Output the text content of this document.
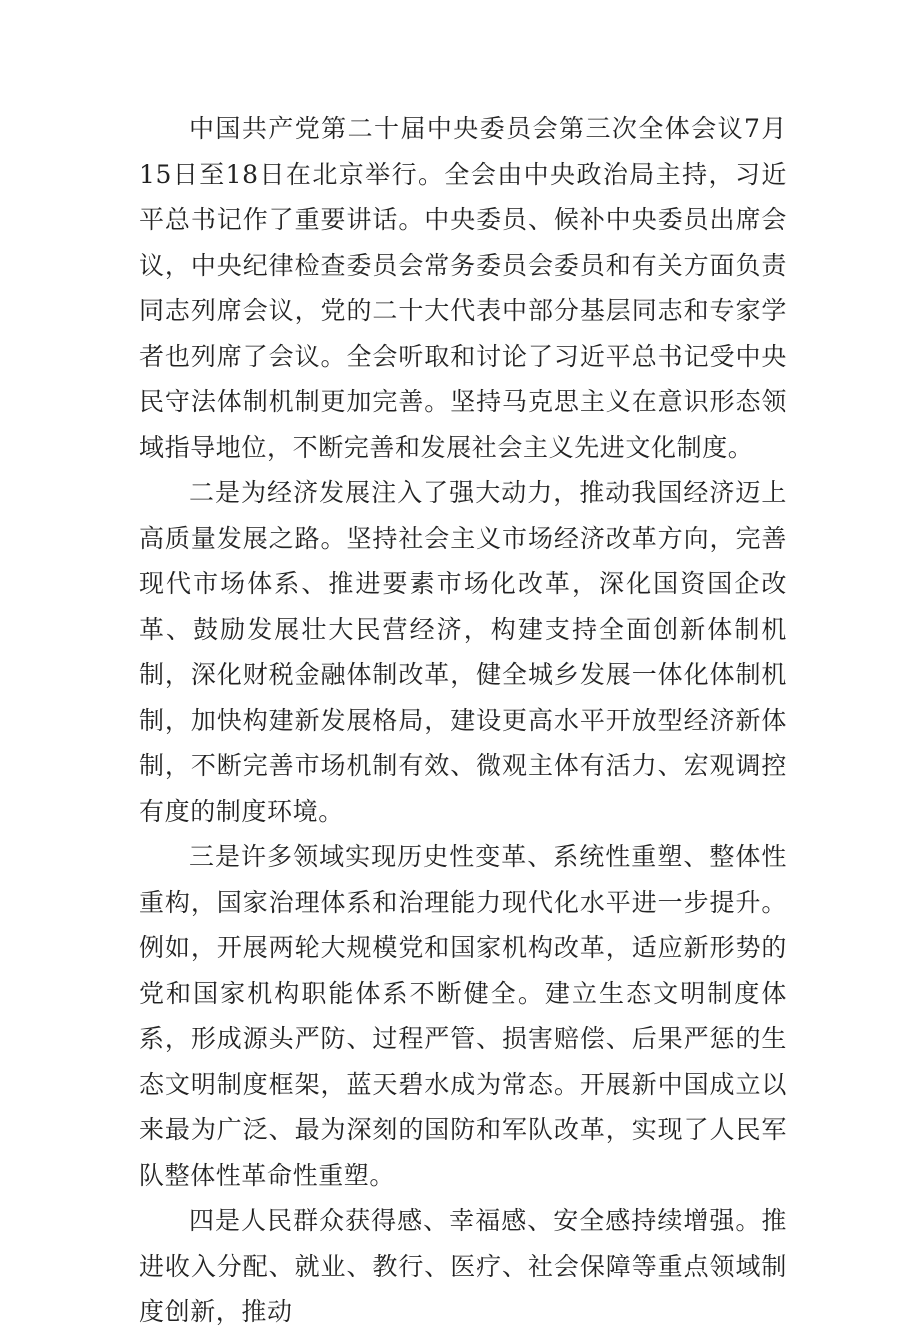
中国共产党第二十届中央委员会第三次全体会议7月15日至18日在北京举行。全会由中央政治局主持，习近平总书记作了重要讲话。中央委员、候补中央委员出席会议，中央纪律检查委员会常务委员会委员和有关方面负责同志列席会议，党的二十大代表中部分基层同志和专家学者也列席了会议。全会听取和讨论了习近平总书记受中央民守法体制机制更加完善。坚持马克思主义在意识形态领域指导地位，不断完善和发展社会主义先进文化制度。

二是为经济发展注入了强大动力，推动我国经济迈上高质量发展之路。坚持社会主义市场经济改革方向，完善现代市场体系、推进要素市场化改革，深化国资国企改革、鼓励发展壮大民营经济，构建支持全面创新体制机制，深化财税金融体制改革，健全城乡发展一体化体制机制，加快构建新发展格局，建设更高水平开放型经济新体制，不断完善市场机制有效、微观主体有活力、宏观调控有度的制度环境。

三是许多领域实现历史性变革、系统性重塑、整体性重构，国家治理体系和治理能力现代化水平进一步提升。例如，开展两轮大规模党和国家机构改革，适应新形势的党和国家机构职能体系不断健全。建立生态文明制度体系，形成源头严防、过程严管、损害赔偿、后果严惩的生态文明制度框架，蓝天碧水成为常态。开展新中国成立以来最为广泛、最为深刻的国防和军队改革，实现了人民军队整体性革命性重塑。

四是人民群众获得感、幸福感、安全感持续增强。推进收入分配、就业、教行、医疗、社会保障等重点领域制度创新，推动
